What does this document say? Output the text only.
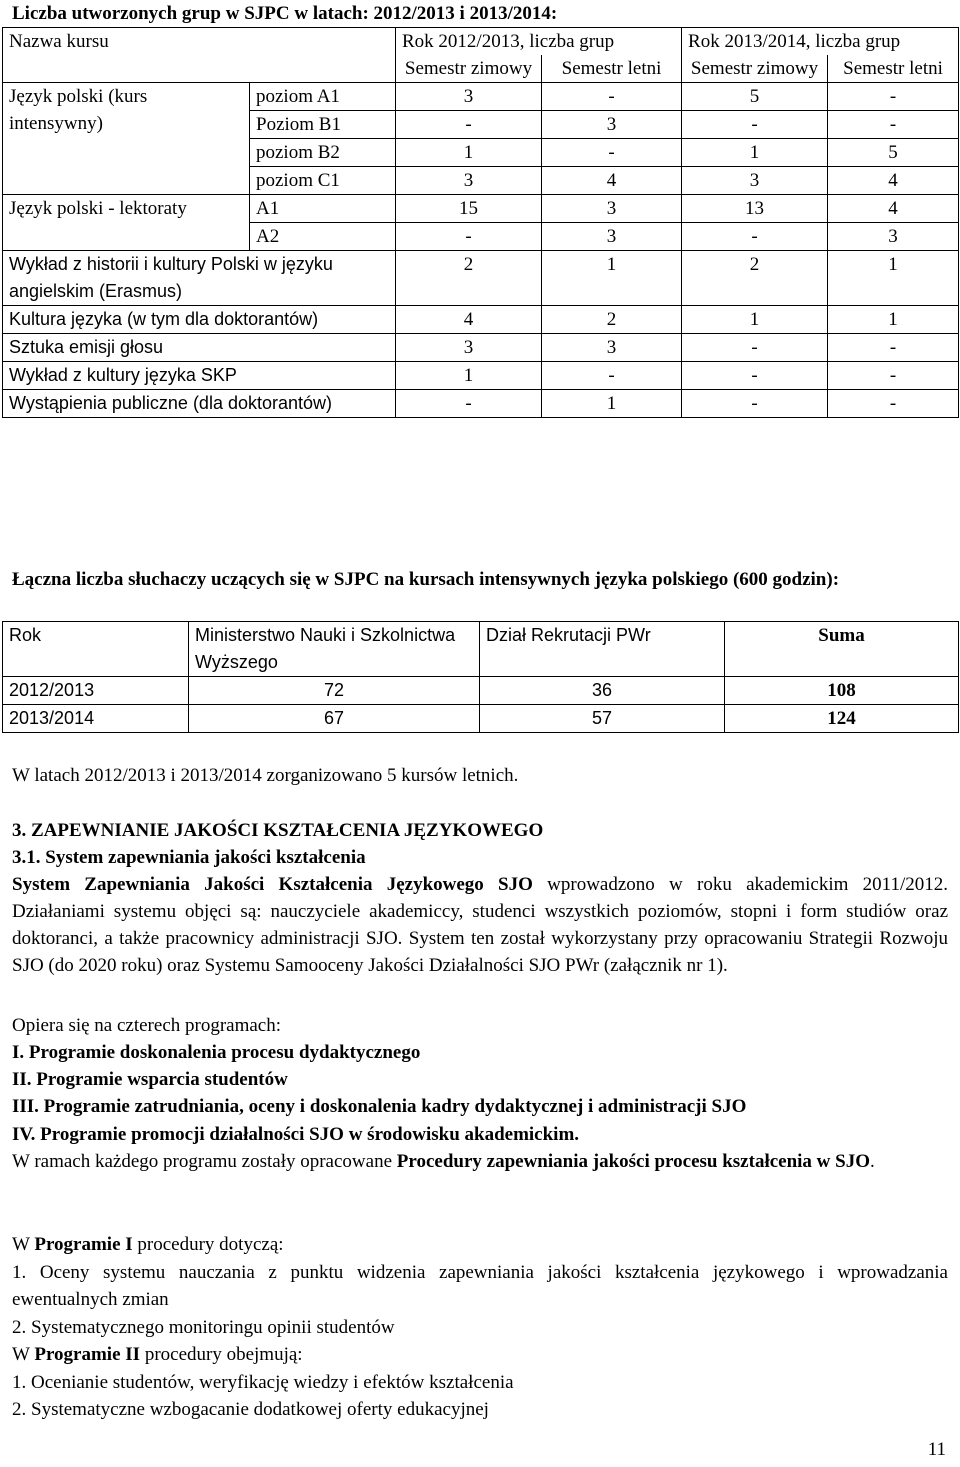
Liczba utworzonych grup w SJPC w latach: 2012/2013 i 2013/2014:
Nazwa kursu		Rok 2012/2013, liczba grup		Rok 2013/2014, liczba grup	

		Semestr zimowy	Semestr letni	Semestr zimowy	Semestr letni
Język polski (kurs intensywny)	poziom A1	3	-	5	-
	Poziom B1	-	3	-	-
	poziom B2	1	-	1	5
	poziom C1	3	4	3	4
Język polski - lektoraty	A1	15	3	13	4
	A2	-	3	-	3
Wykład z historii i kultury Polski w języku angielskim (Erasmus)		2	1	2	1
Kultura języka (w tym dla doktorantów)		4	2	1	1
Sztuka emisji głosu		3	3	-	-
Wykład z kultury języka SKP		1	-	-	-
Wystąpienia publiczne (dla doktorantów)		-	1	-	-
Łączna liczba słuchaczy uczących się w SJPC na kursach intensywnych języka polskiego (600 godzin):
Rok	Ministerstwo Nauki i Szkolnictwa Wyższego	Dział Rekrutacji PWr	Suma
2012/2013	72	36	108
2013/2014	67	57	124
W latach 2012/2013 i 2013/2014 zorganizowano 5 kursów letnich.
3. ZAPEWNIANIE JAKOŚCI KSZTAŁCENIA JĘZYKOWEGO
3.1. System zapewniania jakości kształcenia
System Zapewniania Jakości Kształcenia Językowego SJO wprowadzono w roku akademickim 2011/2012. Działaniami systemu objęci są: nauczyciele akademiccy, studenci wszystkich poziomów, stopni i form studiów oraz doktoranci, a także pracownicy administracji SJO. System ten został wykorzystany przy opracowaniu Strategii Rozwoju SJO (do 2020 roku) oraz Systemu Samooceny Jakości Działalności SJO PWr (załącznik nr 1).
Opiera się na czterech programach:
I. Programie doskonalenia procesu dydaktycznego
II. Programie wsparcia studentów
III. Programie zatrudniania, oceny i doskonalenia kadry dydaktycznej i administracji SJO
IV. Programie promocji działalności SJO w środowisku akademickim.
W ramach każdego programu zostały opracowane Procedury zapewniania jakości procesu kształcenia w SJO.
W Programie I procedury dotyczą:
1. Oceny systemu nauczania z punktu widzenia zapewniania jakości kształcenia językowego i wprowadzania ewentualnych zmian
2. Systematycznego monitoringu opinii studentów
W Programie II procedury obejmują:
1. Ocenianie studentów, weryfikację wiedzy i efektów kształcenia
2. Systematyczne wzbogacanie dodatkowej oferty edukacyjnej
11
